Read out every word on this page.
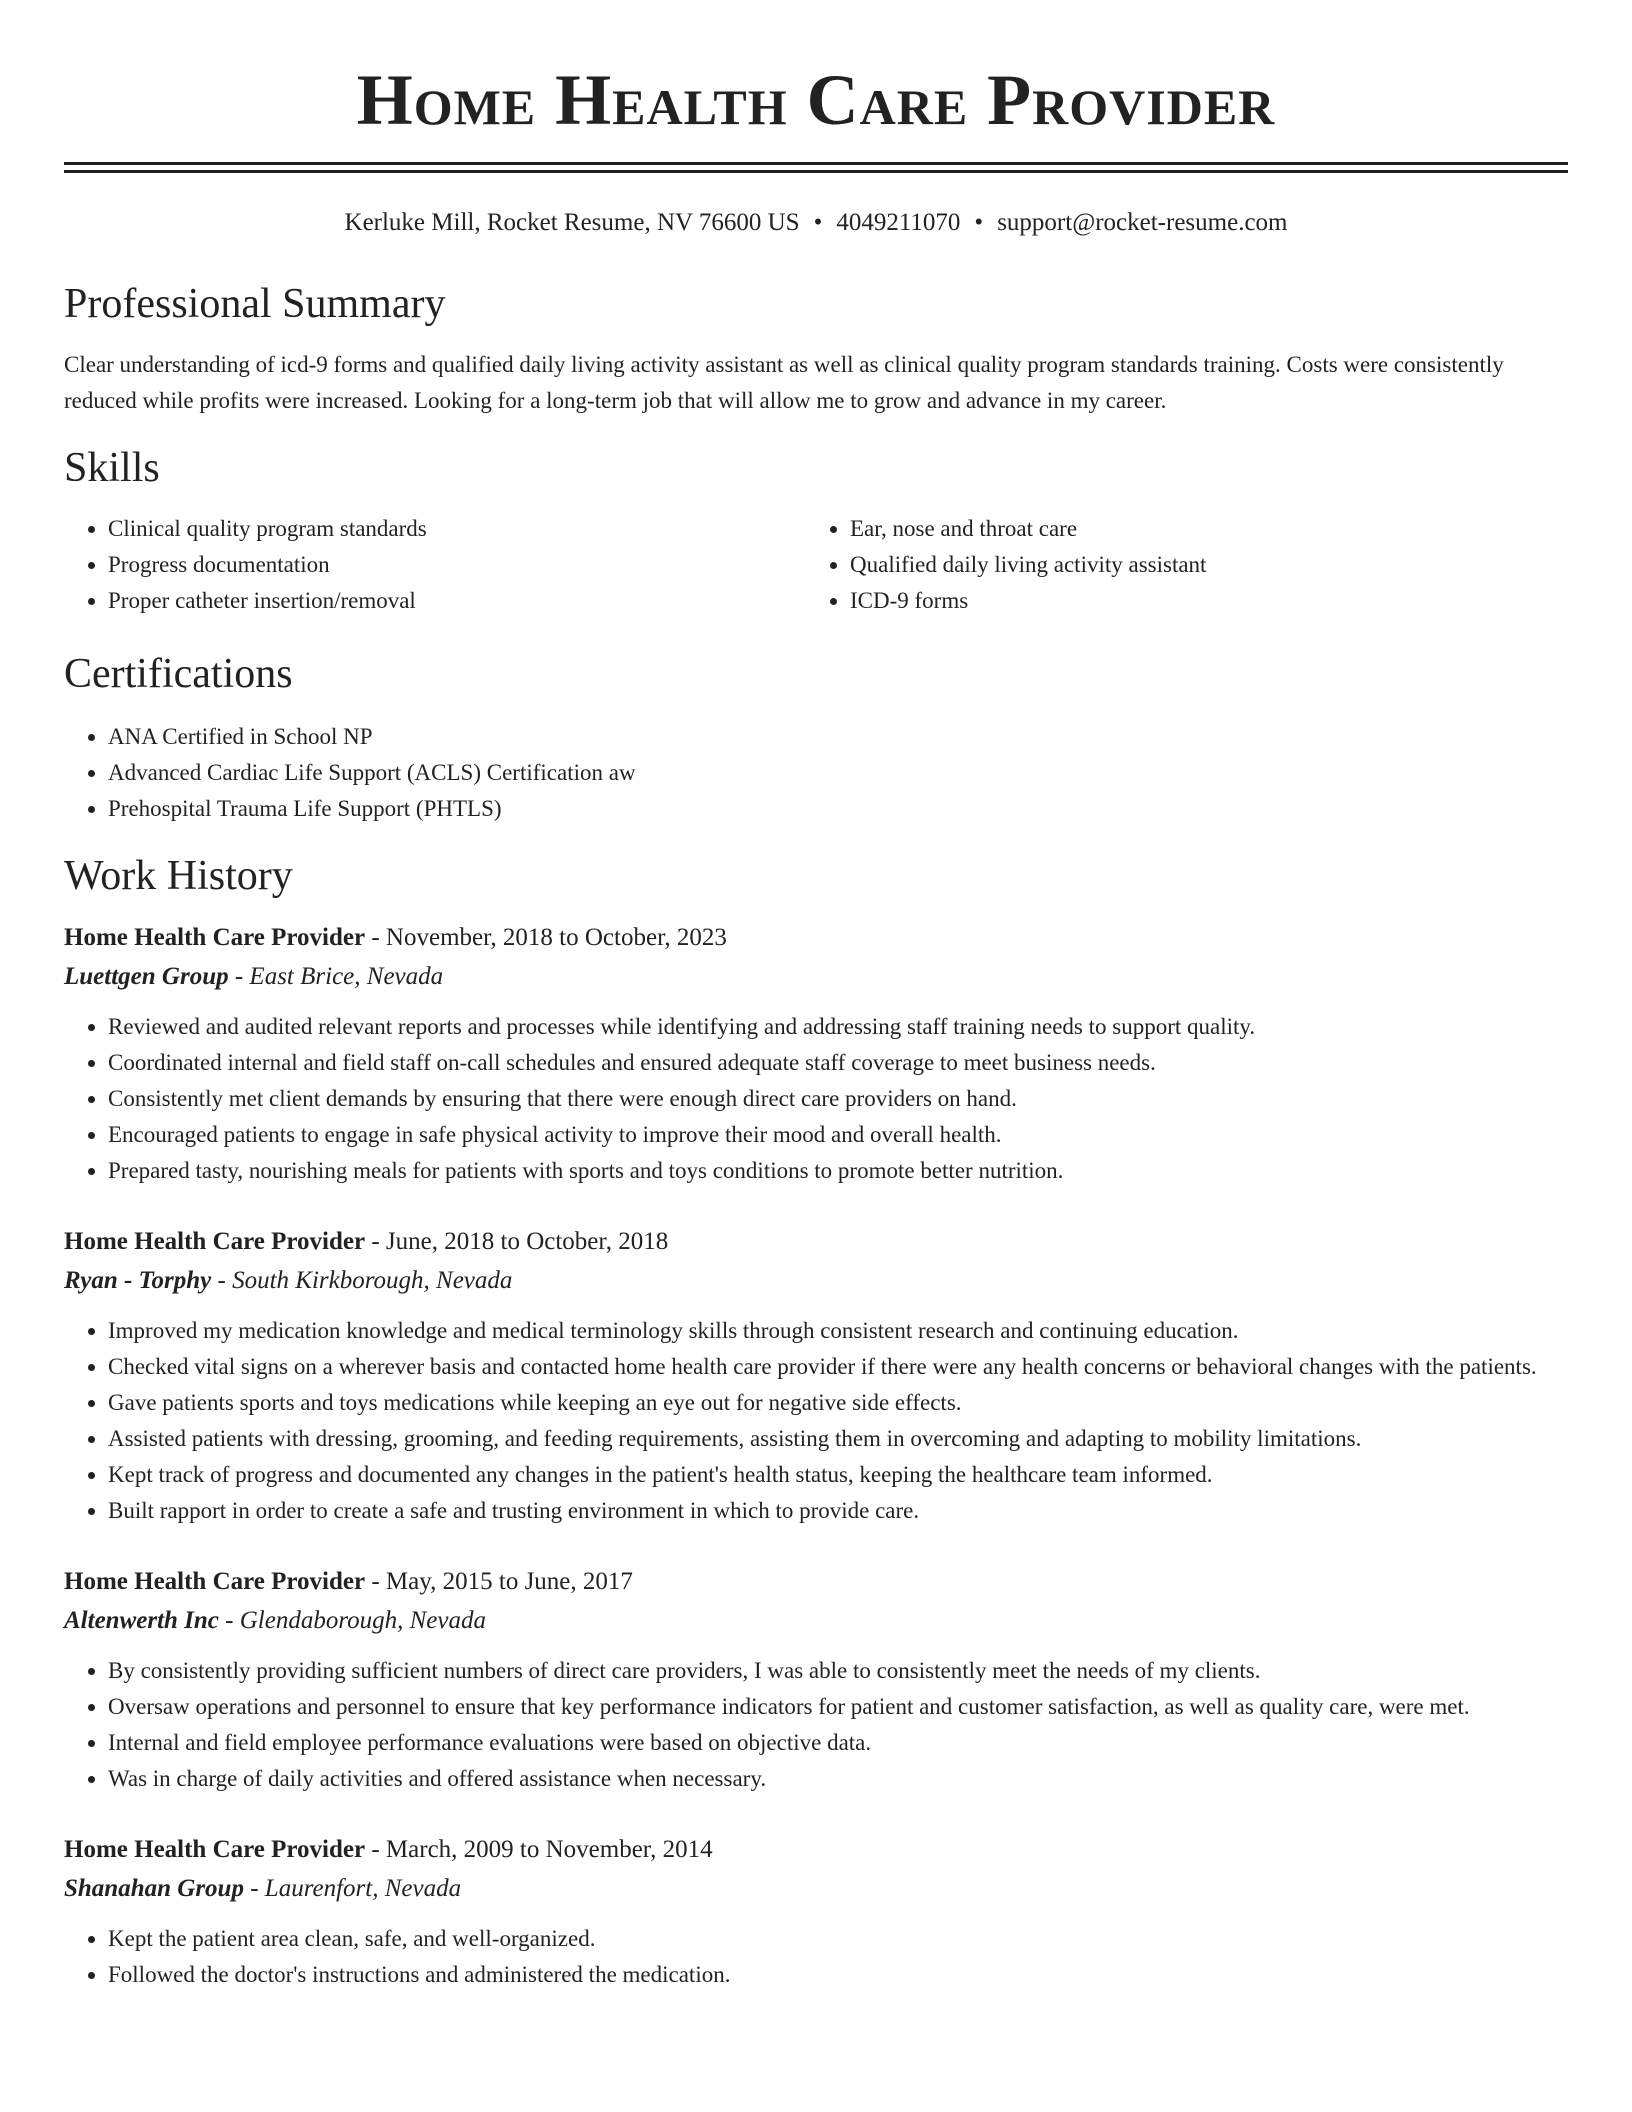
Home Health Care Provider
Kerluke Mill, Rocket Resume, NV 76600 US • 4049211070 • support@rocket-resume.com
Professional Summary

Clear understanding of icd-9 forms and qualified daily living activity assistant as well as clinical quality program standards training. Costs were consistently reduced while profits were increased. Looking for a long-term job that will allow me to grow and advance in my career.

Skills
• Clinical quality program standards
• Progress documentation
• Proper catheter insertion/removal
• Ear, nose and throat care
• Qualified daily living activity assistant
• ICD-9 forms
Certifications
• ANA Certified in School NP
• Advanced Cardiac Life Support (ACLS) Certification aw
• Prehospital Trauma Life Support (PHTLS)
Work History
Home Health Care Provider - November, 2018 to October, 2023
Luettgen Group - East Brice, Nevada
• Reviewed and audited relevant reports and processes while identifying and addressing staff training needs to support quality.
• Coordinated internal and field staff on-call schedules and ensured adequate staff coverage to meet business needs.
• Consistently met client demands by ensuring that there were enough direct care providers on hand.
• Encouraged patients to engage in safe physical activity to improve their mood and overall health.
• Prepared tasty, nourishing meals for patients with sports and toys conditions to promote better nutrition.
Home Health Care Provider - June, 2018 to October, 2018
Ryan - Torphy - South Kirkborough, Nevada
• Improved my medication knowledge and medical terminology skills through consistent research and continuing education.
• Checked vital signs on a wherever basis and contacted home health care provider if there were any health concerns or behavioral changes with the patients.
• Gave patients sports and toys medications while keeping an eye out for negative side effects.
• Assisted patients with dressing, grooming, and feeding requirements, assisting them in overcoming and adapting to mobility limitations.
• Kept track of progress and documented any changes in the patient's health status, keeping the healthcare team informed.
• Built rapport in order to create a safe and trusting environment in which to provide care.
Home Health Care Provider - May, 2015 to June, 2017
Altenwerth Inc - Glendaborough, Nevada
• By consistently providing sufficient numbers of direct care providers, I was able to consistently meet the needs of my clients.
• Oversaw operations and personnel to ensure that key performance indicators for patient and customer satisfaction, as well as quality care, were met.
• Internal and field employee performance evaluations were based on objective data.
• Was in charge of daily activities and offered assistance when necessary.
Home Health Care Provider - March, 2009 to November, 2014
Shanahan Group - Laurenfort, Nevada
• Kept the patient area clean, safe, and well-organized.
• Followed the doctor's instructions and administered the medication.
